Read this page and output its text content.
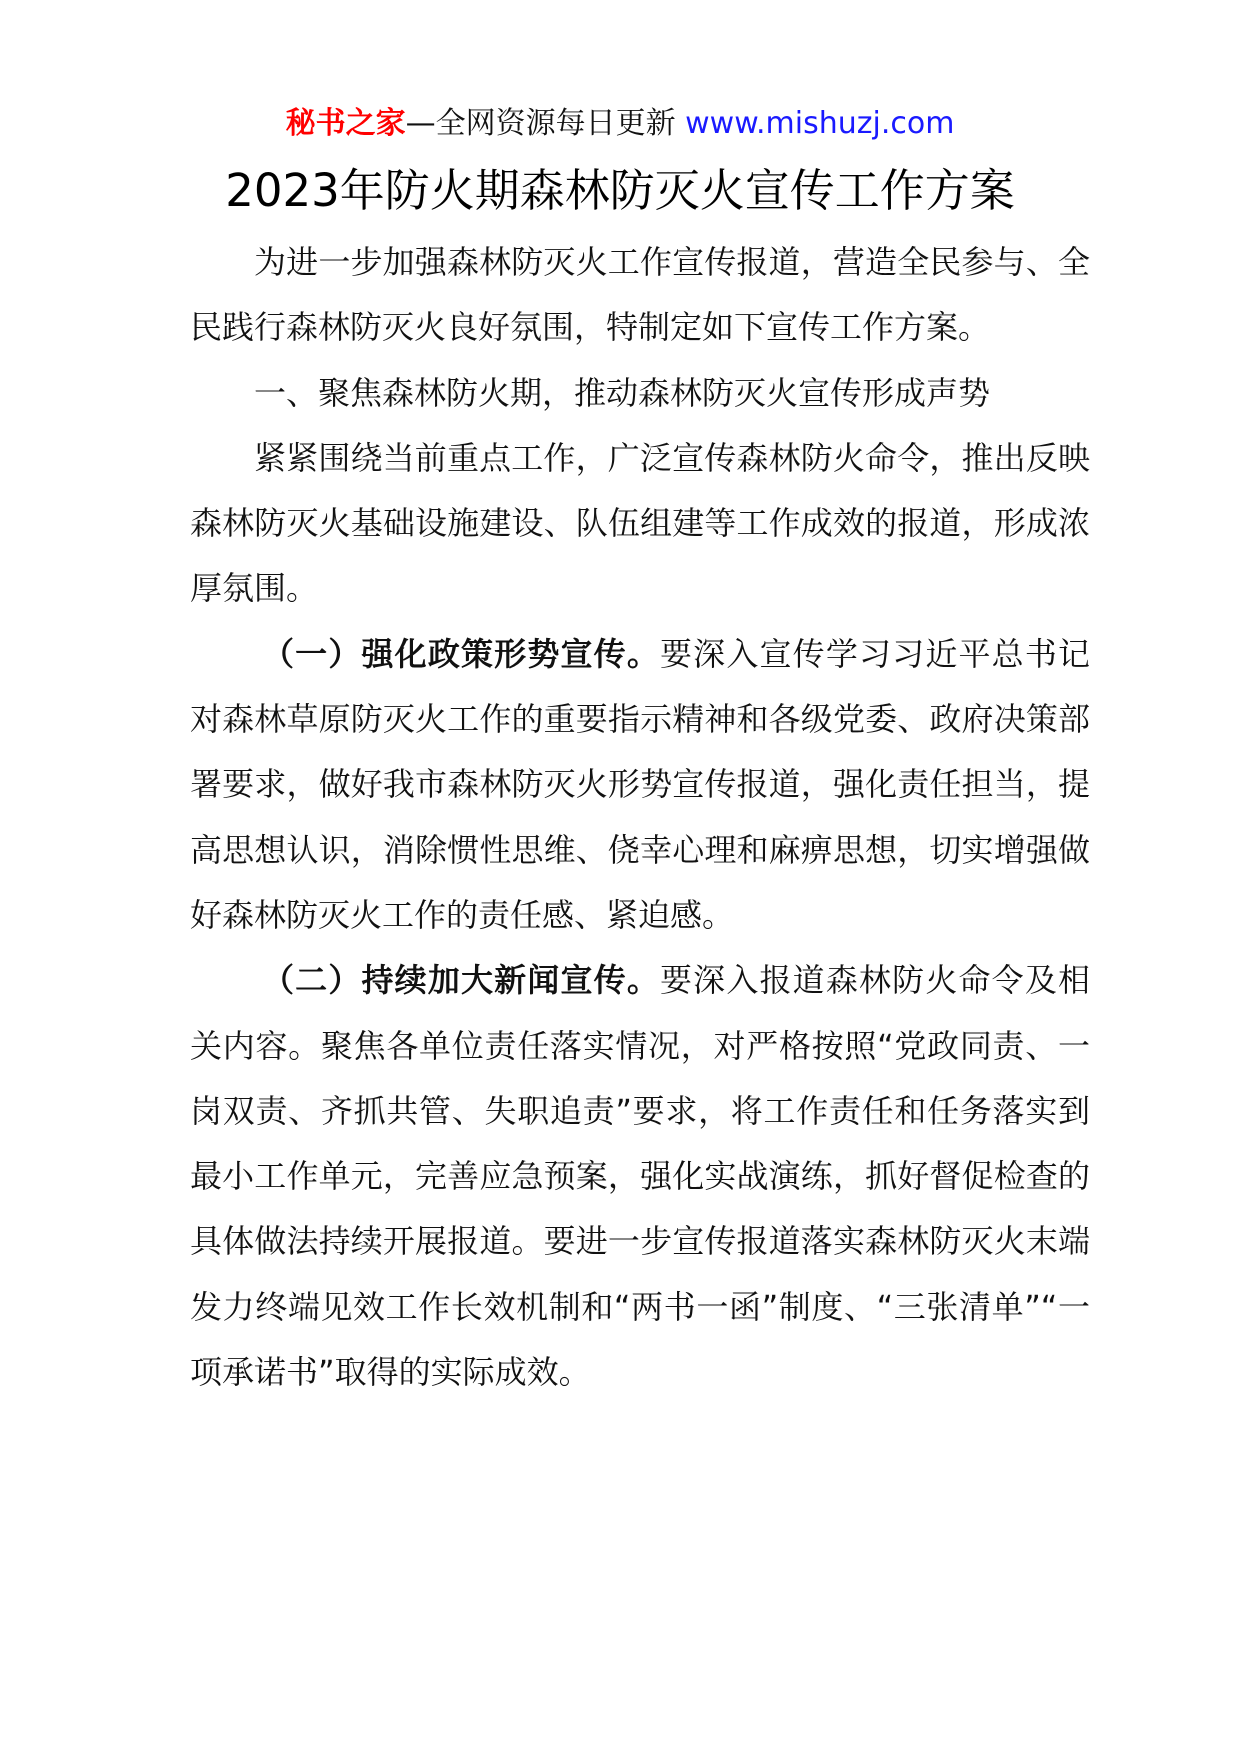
秘书之家—全网资源每日更新 www.mishuzj.com
2023年防火期森林防灭火宣传工作方案

为进一步加强森林防灭火工作宣传报道，营造全民参与、全民践行森林防灭火良好氛围，特制定如下宣传工作方案。

一、聚焦森林防火期，推动森林防灭火宣传形成声势

紧紧围绕当前重点工作，广泛宣传森林防火命令，推出反映森林防灭火基础设施建设、队伍组建等工作成效的报道，形成浓厚氛围。

（一）强化政策形势宣传。要深入宣传学习习近平总书记对森林草原防灭火工作的重要指示精神和各级党委、政府决策部署要求，做好我市森林防灭火形势宣传报道，强化责任担当，提高思想认识，消除惯性思维、侥幸心理和麻痹思想，切实增强做好森林防灭火工作的责任感、紧迫感。

（二）持续加大新闻宣传。要深入报道森林防火命令及相关内容。聚焦各单位责任落实情况，对严格按照“党政同责、一岗双责、齐抓共管、失职追责”要求，将工作责任和任务落实到最小工作单元，完善应急预案，强化实战演练，抓好督促检查的具体做法持续开展报道。要进一步宣传报道落实森林防灭火末端发力终端见效工作长效机制和“两书一函”制度、“三张清单”“一项承诺书”取得的实际成效。
